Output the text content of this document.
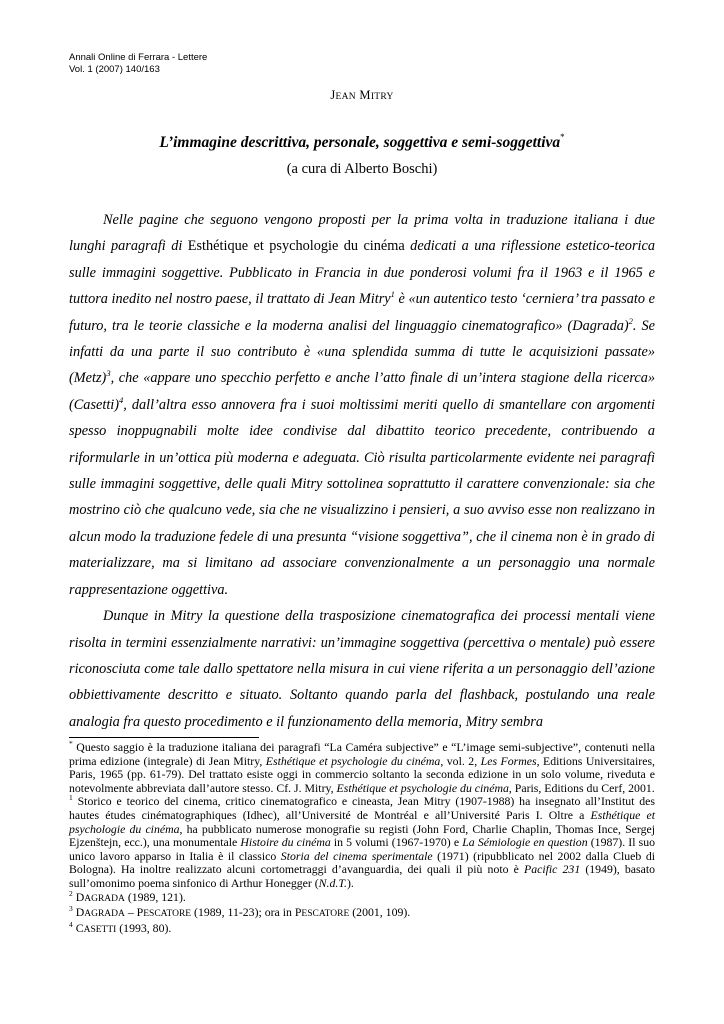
Annali Online di Ferrara - Lettere
Vol. 1 (2007) 140/163
JEAN MITRY
L’immagine descrittiva, personale, soggettiva e semi-soggettiva*
(a cura di Alberto Boschi)

Nelle pagine che seguono vengono proposti per la prima volta in traduzione italiana i due lunghi paragrafi di Esthétique et psychologie du cinéma dedicati a una riflessione estetico-teorica sulle immagini soggettive. Pubblicato in Francia in due ponderosi volumi fra il 1963 e il 1965 e tuttora inedito nel nostro paese, il trattato di Jean Mitry$^1$ è «un autentico testo ‘cerniera’ tra passato e futuro, tra le teorie classiche e la moderna analisi del linguaggio cinematografico» (Dagrada)$^2$. Se infatti da una parte il suo contributo è «una splendida summa di tutte le acquisizioni passate» (Metz)$^3$, che «appare uno specchio perfetto e anche l’atto finale di un’intera stagione della ricerca» (Casetti)$^4$, dall’altra esso annovera fra i suoi moltissimi meriti quello di smantellare con argomenti spesso inoppugnabili molte idee condivise dal dibattito teorico precedente, contribuendo a riformularle in un’ottica più moderna e adeguata. Ciò risulta particolarmente evidente nei paragrafi sulle immagini soggettive, delle quali Mitry sottolinea soprattutto il carattere convenzionale: sia che mostrino ciò che qualcuno vede, sia che ne visualizzino i pensieri, a suo avviso esse non realizzano in alcun modo la traduzione fedele di una presunta “visione soggettiva”, che il cinema non è in grado di materializzare, ma si limitano ad associare convenzionalmente a un personaggio una normale rappresentazione oggettiva.

Dunque in Mitry la questione della trasposizione cinematografica dei processi mentali viene risolta in termini essenzialmente narrativi: un’immagine soggettiva (percettiva o mentale) può essere riconosciuta come tale dallo spettatore nella misura in cui viene riferita a un personaggio dell’azione obbiettivamente descritto e situato. Soltanto quando parla del flashback, postulando una reale analogia fra questo procedimento e il funzionamento della memoria, Mitry sembra

* Questo saggio è la traduzione italiana dei paragrafi “La Caméra subjective” e “L’image semi-subjective”, contenuti nella prima edizione (integrale) di Jean Mitry, Esthétique et psychologie du cinéma, vol. 2, Les Formes, Editions Universitaires, Paris, 1965 (pp. 61-79). Del trattato esiste oggi in commercio soltanto la seconda edizione in un solo volume, riveduta e notevolmente abbreviata dall’autore stesso. Cf. J. Mitry, Esthétique et psychologie du cinéma, Paris, Editions du Cerf, 2001.

$^1$ Storico e teorico del cinema, critico cinematografico e cineasta, Jean Mitry (1907-1988) ha insegnato all’Institut des hautes études cinématographiques (Idhec), all’Université de Montréal e all’Université Paris I. Oltre a Esthétique et psychologie du cinéma, ha pubblicato numerose monografie su registi (John Ford, Charlie Chaplin, Thomas Ince, Sergej Ejzenštejn, ecc.), una monumentale Histoire du cinéma in 5 volumi (1967-1970) e La Sémiologie en question (1987). Il suo unico lavoro apparso in Italia è il classico Storia del cinema sperimentale (1971) (ripubblicato nel 2002 dalla Clueb di Bologna). Ha inoltre realizzato alcuni cortometraggi d’avanguardia, dei quali il più noto è Pacific 231 (1949), basato sull’omonimo poema sinfonico di Arthur Honegger (N.d.T.).

$^2$ DAGRADA (1989, 121).

$^3$ DAGRADA – PESCATORE (1989, 11-23); ora in PESCATORE (2001, 109).

$^4$ CASETTI (1993, 80).
